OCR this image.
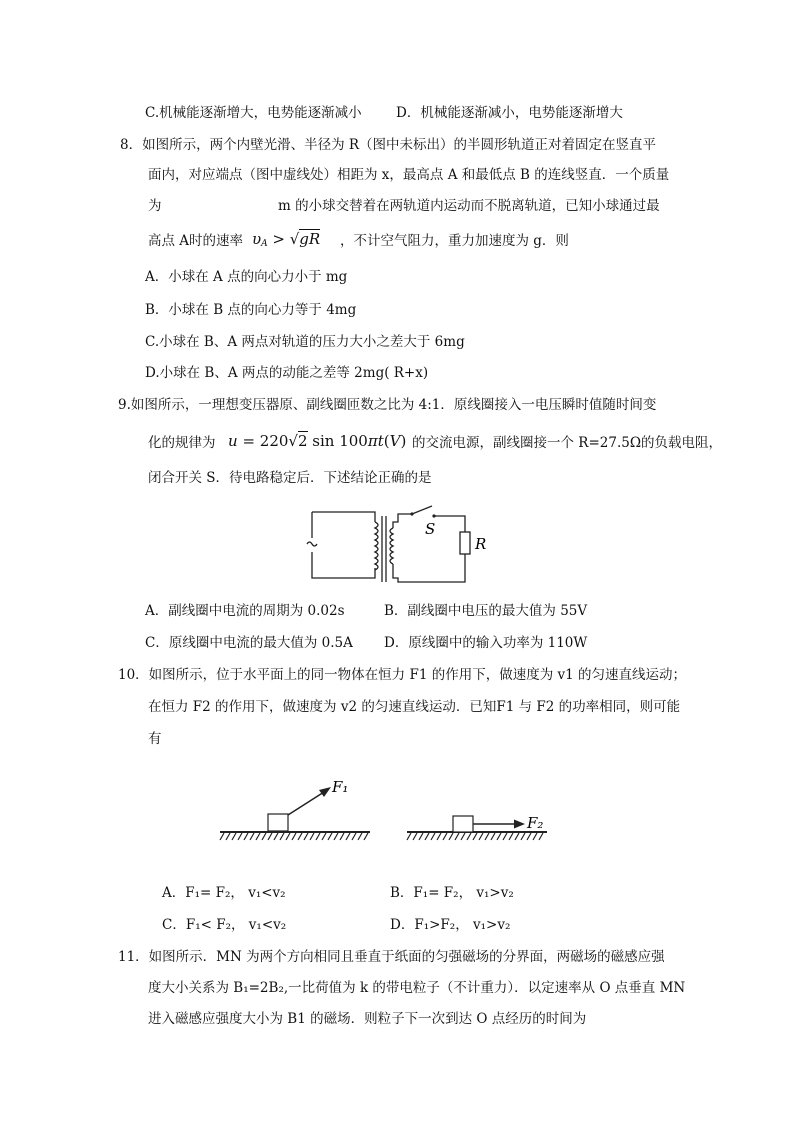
C.机械能逐渐增大，电势能逐渐减小	D．机械能逐渐减小，电势能逐渐增大
8．如图所示，两个内壁光滑、半径为 R（图中未标出）的半圆形轨道正对着固定在竖直平
面内，对应端点（图中虚线处）相距为 x，最高点 A 和最低点 B 的连线竖直．一个质量
为	m 的小球交替着在两轨道内运动而不脱离轨道，已知小球通过最
高点 A时的速率 $\upsilon_A > √gR$ ，不计空气阻力，重力加速度为 g．则
A．小球在 A 点的向心力小于 mg
B．小球在 B 点的向心力等于 4mg
C.小球在 B、A 两点对轨道的压力大小之差大于 6mg
D.小球在 B、A 两点的动能之差等 2mg( R+x)
9.如图所示，一理想变压器原、副线圈匝数之比为 4:1．原线圈接入一电压瞬时值随时间变
化的规律为 u = 220√2 sin 100πt(V) 的交流电源，副线圈接一个 R=27.5Ω的负载电阻，
闭合开关 S．待电路稳定后．下述结论正确的是
S
R
A．副线圈中电流的周期为 0.02s	B．副线圈中电压的最大值为 55V
C．原线圈中电流的最大值为 0.5A D．原线圈中的输入功率为 110W
10．如图所示，位于水平面上的同一物体在恒力 F1 的作用下，做速度为 v1 的匀速直线运动；
在恒力 F2 的作用下，做速度为 v2 的匀速直线运动．已知F1 与 F2 的功率相同，则可能
有
F₁
F₂
A．F₁= F₂， v₁<v₂	B．F₁= F₂， v₁>v₂
C．F₁< F₂， v₁<v₂	D．F₁>F₂， v₁>v₂
11．如图所示．MN 为两个方向相同且垂直于纸面的匀强磁场的分界面，两磁场的磁感应强
度大小关系为 B₁=2B₂,一比荷值为 k 的带电粒子（不计重力）．以定速率从 O 点垂直 MN
进入磁感应强度大小为 B1 的磁场．则粒子下一次到达 O 点经历的时间为
